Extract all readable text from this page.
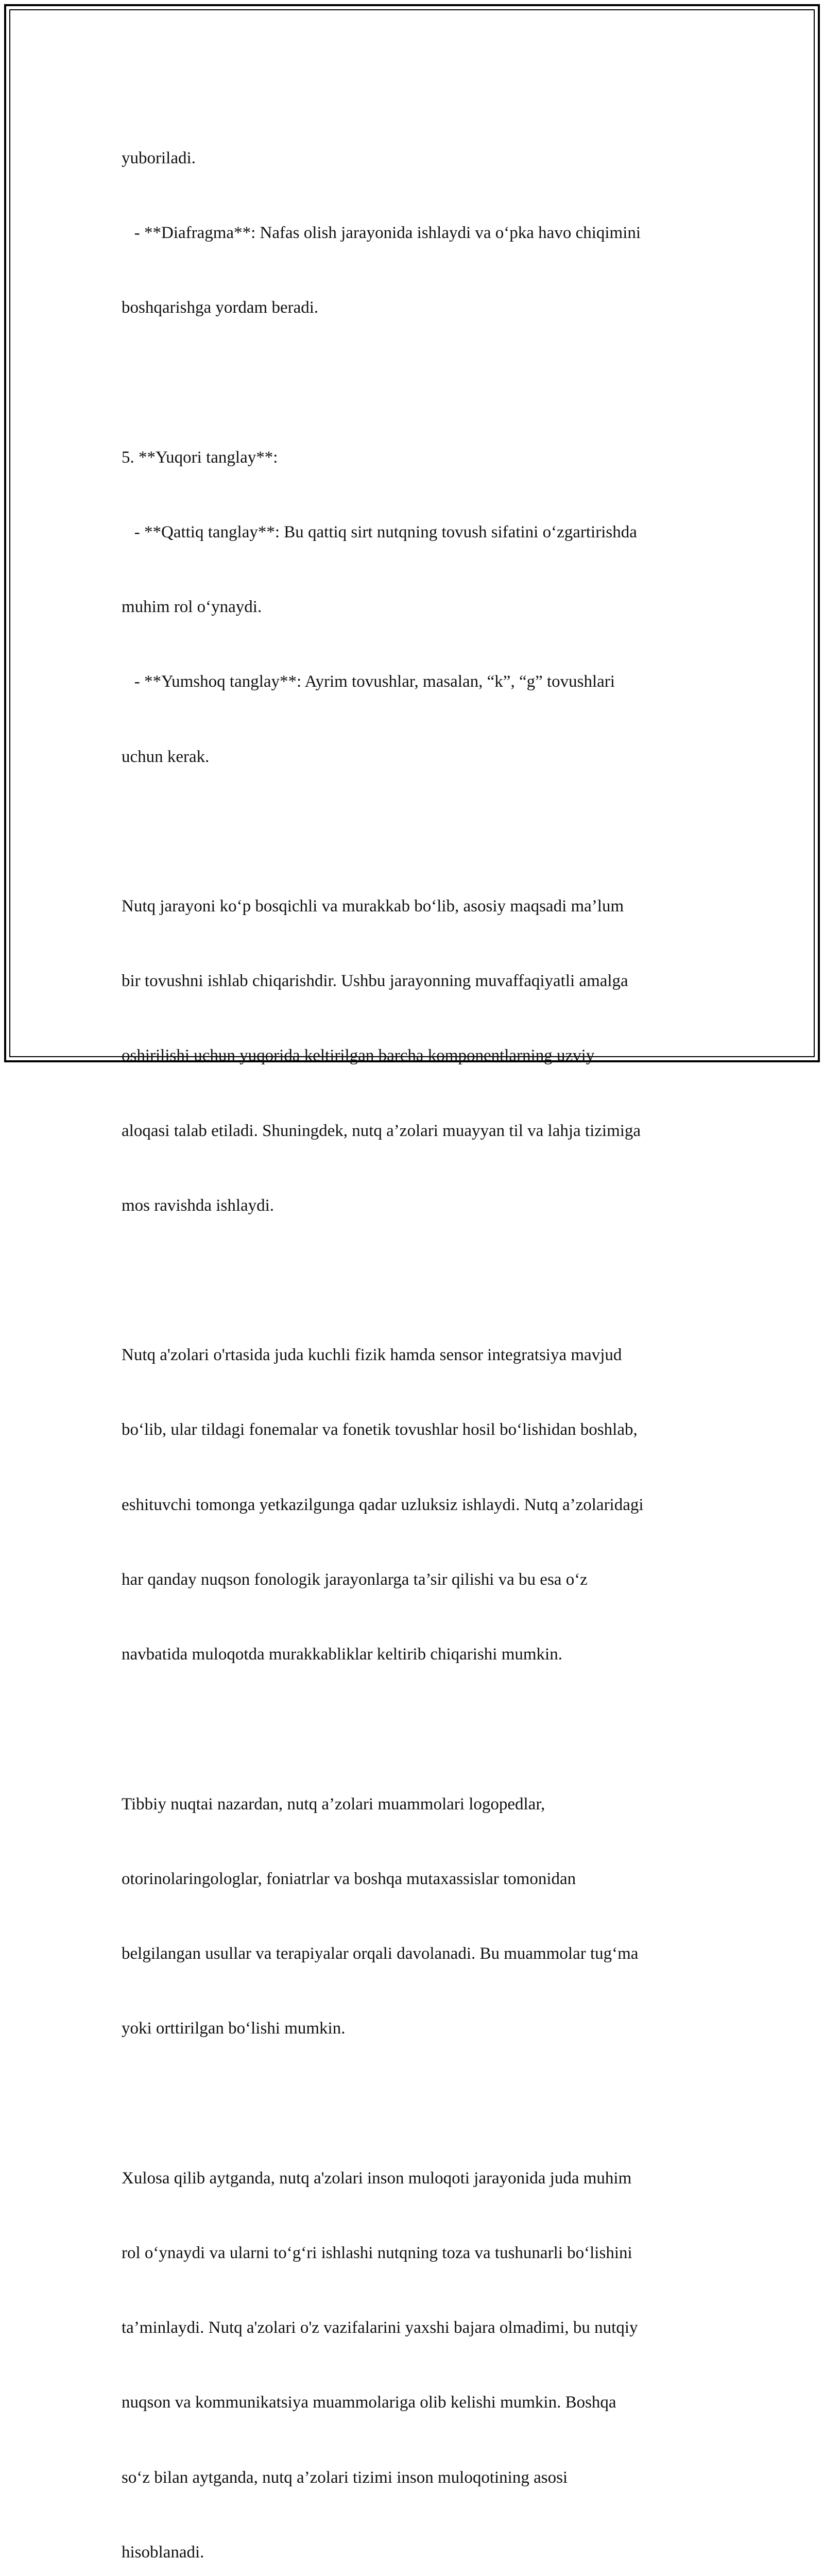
yuboriladi.

- **Diafragma**: Nafas olish jarayonida ishlaydi va o‘pka havo chiqimini

boshqarishga yordam beradi.

5. **Yuqori tanglay**:

- **Qattiq tanglay**: Bu qattiq sirt nutqning tovush sifatini o‘zgartirishda

muhim rol o‘ynaydi.

- **Yumshoq tanglay**: Ayrim tovushlar, masalan, “k”, “g” tovushlari

uchun kerak.

Nutq jarayoni ko‘p bosqichli va murakkab bo‘lib, asosiy maqsadi ma’lum

bir tovushni ishlab chiqarishdir. Ushbu jarayonning muvaffaqiyatli amalga

oshirilishi uchun yuqorida keltirilgan barcha komponentlarning uzviy

aloqasi talab etiladi. Shuningdek, nutq a’zolari muayyan til va lahja tizimiga

mos ravishda ishlaydi.

Nutq a'zolari o'rtasida juda kuchli fizik hamda sensor integratsiya mavjud

bo‘lib, ular tildagi fonemalar va fonetik tovushlar hosil bo‘lishidan boshlab,

eshituvchi tomonga yetkazilgunga qadar uzluksiz ishlaydi. Nutq a’zolaridagi

har qanday nuqson fonologik jarayonlarga ta’sir qilishi va bu esa o‘z

navbatida muloqotda murakkabliklar keltirib chiqarishi mumkin.

Tibbiy nuqtai nazardan, nutq a’zolari muammolari logopedlar,

otorinolaringologlar, foniatrlar va boshqa mutaxassislar tomonidan

belgilangan usullar va terapiyalar orqali davolanadi. Bu muammolar tug‘ma

yoki orttirilgan bo‘lishi mumkin.

Xulosa qilib aytganda, nutq a'zolari inson muloqoti jarayonida juda muhim

rol o‘ynaydi va ularni to‘g‘ri ishlashi nutqning toza va tushunarli bo‘lishini

ta’minlaydi. Nutq a'zolari o'z vazifalarini yaxshi bajara olmadimi, bu nutqiy

nuqson va kommunikatsiya muammolariga olib kelishi mumkin. Boshqa

so‘z bilan aytganda, nutq a’zolari tizimi inson muloqotining asosi

hisoblanadi.
